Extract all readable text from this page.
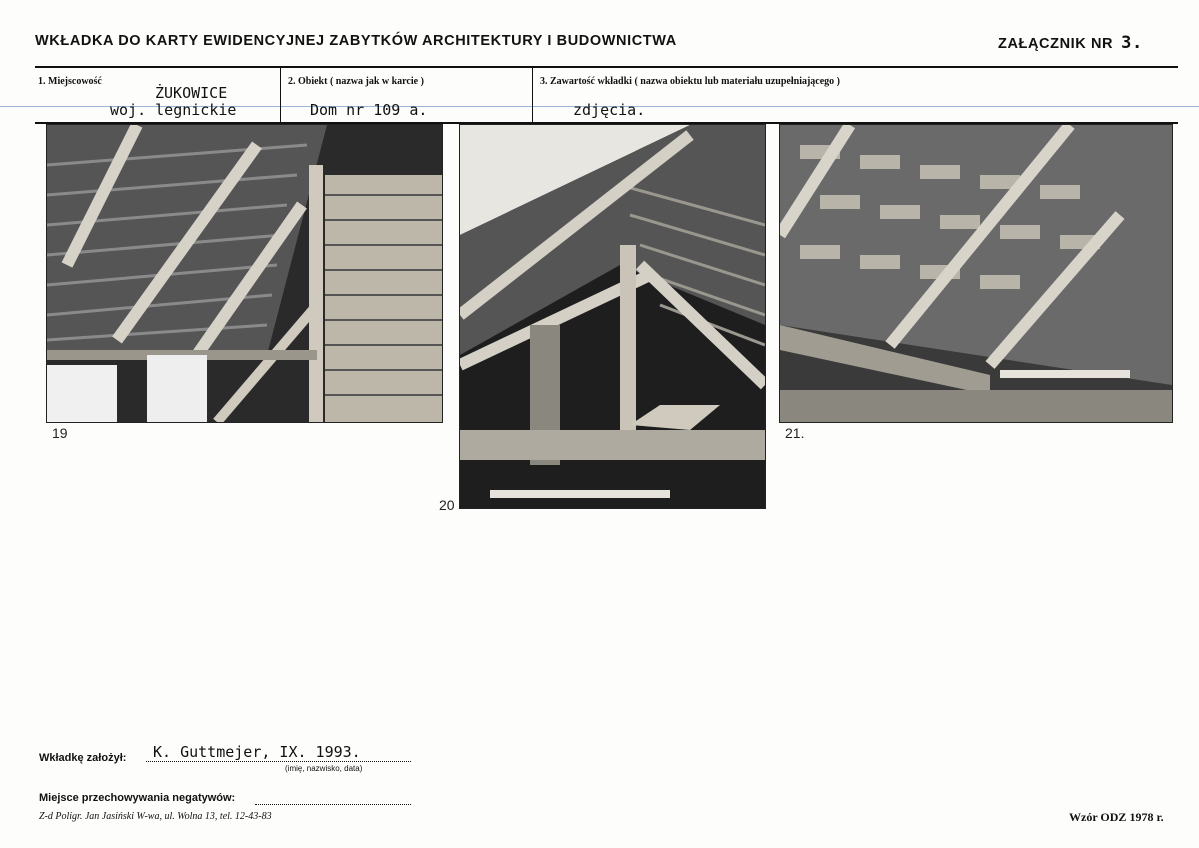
WKŁADKA DO KARTY EWIDENCYJNEJ ZABYTKÓW ARCHITEKTURY I BUDOWNICTWA	ZAŁĄCZNIK NR 3.
1. Miejscowość
ŻUKOWICE
woj. legnickie
2. Obiekt ( nazwa jak w karcie )
Dom nr 109 a.
3. Zawartość wkładki ( nazwa obiektu lub materiału uzupełniającego )
zdjęcia.
19
20
21.
Wkładkę założył: K. Guttmejer, IX. 1993.
(imię, nazwisko, data)
Miejsce przechowywania negatywów:
Z-d Poligr. Jan Jasiński W-wa, ul. Wolna 13, tel. 12-43-83	Wzór ODZ 1978 r.
